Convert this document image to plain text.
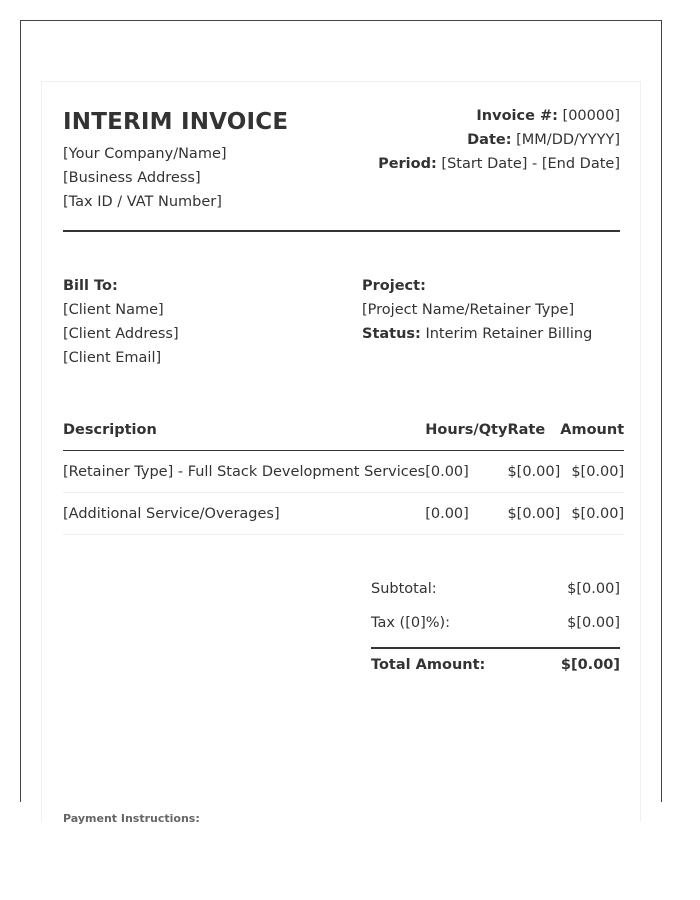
INTERIM INVOICE
[Your Company/Name]
[Business Address]
[Tax ID / VAT Number]
Invoice #: [00000]
Date: [MM/DD/YYYY]
Period: [Start Date] - [End Date]
Bill To:
[Client Name]
[Client Address]
[Client Email]
Project:
[Project Name/Retainer Type]
Status: Interim Retainer Billing
Description	Hours/Qty	Rate	Amount
[Retainer Type] - Full Stack Development Services	[0.00]	$[0.00]	$[0.00]
[Additional Service/Overages]	[0.00]	$[0.00]	$[0.00]
Subtotal:	$[0.00]
Tax ([0]%):	$[0.00]
Total Amount:	$[0.00]
Payment Instructions:
